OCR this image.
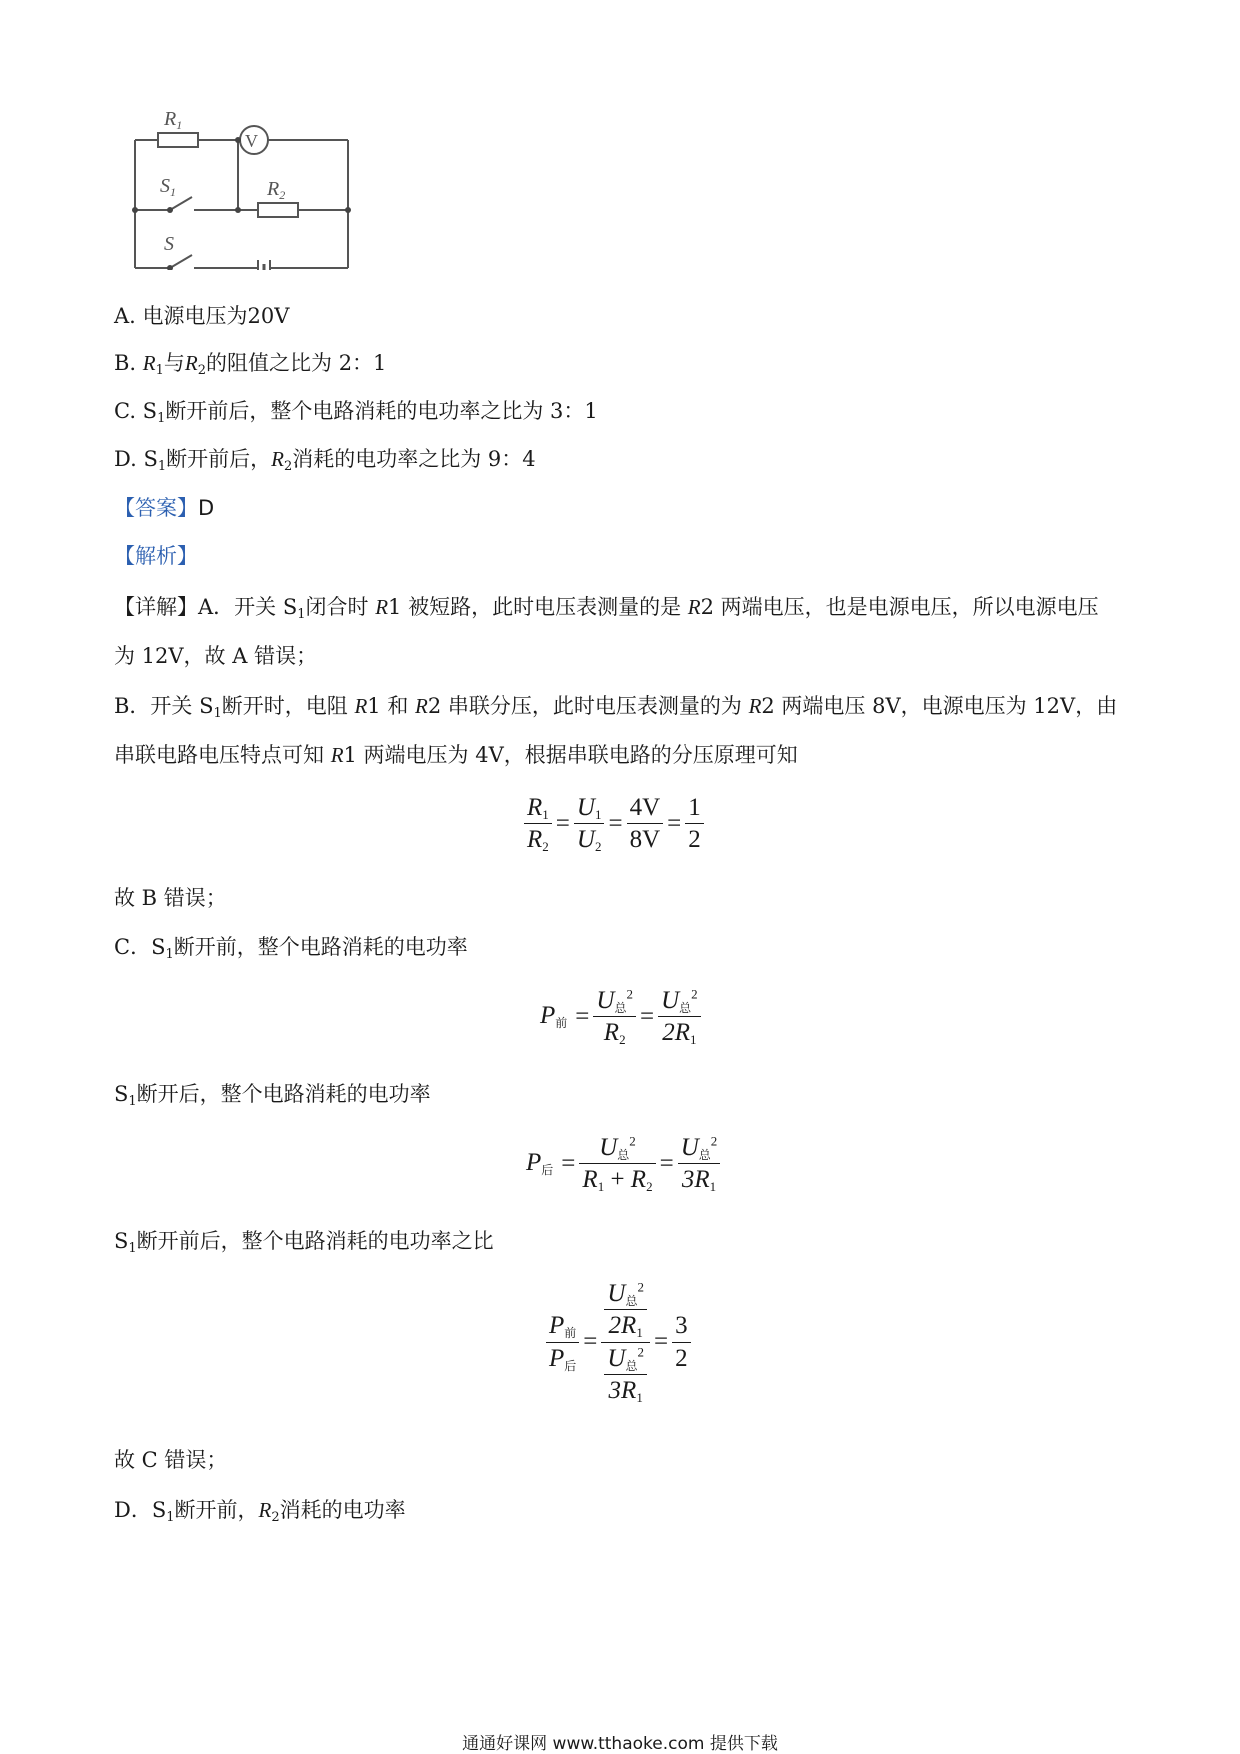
$R_1$
V
$S_1$	$R_2$
S
A. 电源电压为20V
B. $R_1$与$R_2$的阻值之比为 2：1
C. $S_1$断开前后，整个电路消耗的电功率之比为 3：1
D. $S_1$断开前后，$R_2$消耗的电功率之比为 9：4
【答案】D
【解析】
【详解】A．开关 $S_1$闭合时 R1 被短路，此时电压表测量的是 R2 两端电压，也是电源电压，所以电源电压
为 12V，故 A 错误；
B．开关 $S_1$断开时，电阻 R1 和 R2 串联分压，此时电压表测量的为 R2 两端电压 8V，电源电压为 12V，由
串联电路电压特点可知 R1 两端电压为 4V，根据串联电路的分压原理可知
$\frac{R_1}{R_2} = \frac{U_1}{U_2} = \frac{4V}{8V} = \frac{1}{2}$
故 B 错误；
C．$S_1$断开前，整个电路消耗的电功率
$P_前 = \frac{U_总^2}{R_2} = \frac{U_总^2}{2R_1}$
$S_1$断开后，整个电路消耗的电功率
$P_后 = \frac{U_总^2}{R_1 + R_2} = \frac{U_总^2}{3R_1}$
$S_1$断开前后，整个电路消耗的电功率之比
$\frac{P_前}{P_后} = \frac{\frac{U_总^2}{2R_1}}{\frac{U_总^2}{3R_1}} = \frac{3}{2}$
故 C 错误；
D．$S_1$断开前，$R_2$消耗的电功率
通通好课网 www.tthaoke.com 提供下载
